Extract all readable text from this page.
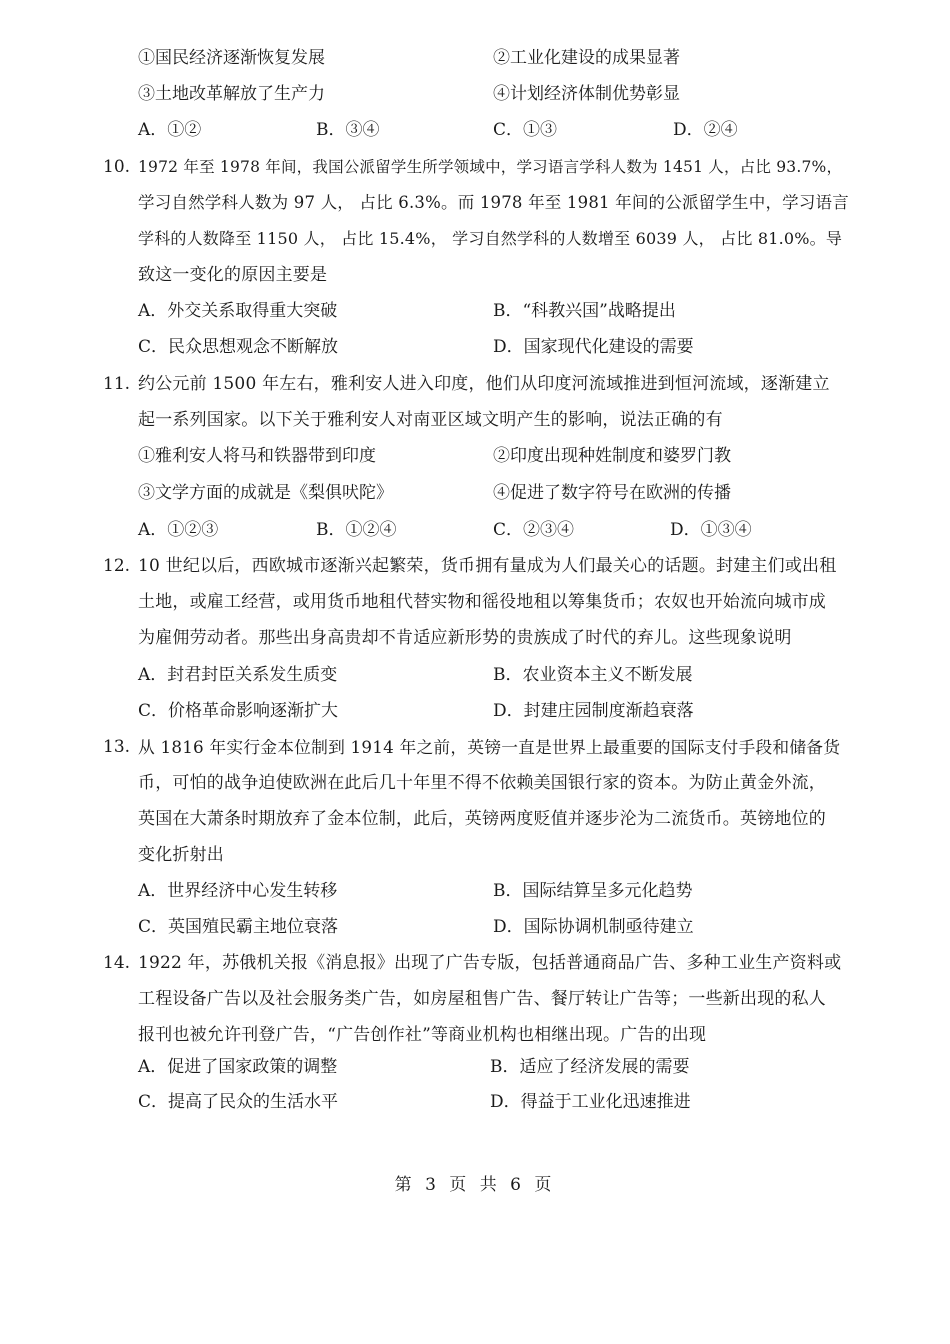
①国民经济逐渐恢复发展	②工业化建设的成果显著
③土地改革解放了生产力	④计划经济体制优势彰显
A．①②	B．③④	C．①③	D．②④
10. 1972 年至 1978 年间，我国公派留学生所学领域中，学习语言学科人数为 1451 人，占比 93.7%，
学习自然学科人数为 97 人， 占比 6.3%。而 1978 年至 1981 年间的公派留学生中，学习语言
学科的人数降至 1150 人， 占比 15.4%， 学习自然学科的人数增至 6039 人， 占比 81.0%。导
致这一变化的原因主要是
A．外交关系取得重大突破	B．“科教兴国”战略提出
C．民众思想观念不断解放	D．国家现代化建设的需要
11. 约公元前 1500 年左右，雅利安人进入印度，他们从印度河流域推进到恒河流域，逐渐建立
起一系列国家。以下关于雅利安人对南亚区域文明产生的影响，说法正确的有
①雅利安人将马和铁器带到印度	②印度出现种姓制度和婆罗门教
③文学方面的成就是《梨俱吠陀》	④促进了数字符号在欧洲的传播
A．①②③	B．①②④	C．②③④	D．①③④
12. 10 世纪以后，西欧城市逐渐兴起繁荣，货币拥有量成为人们最关心的话题。封建主们或出租
土地，或雇工经营，或用货币地租代替实物和徭役地租以筹集货币；农奴也开始流向城市成
为雇佣劳动者。那些出身高贵却不肯适应新形势的贵族成了时代的弃儿。这些现象说明
A．封君封臣关系发生质变	B．农业资本主义不断发展
C．价格革命影响逐渐扩大	D．封建庄园制度渐趋衰落
13. 从 1816 年实行金本位制到 1914 年之前，英镑一直是世界上最重要的国际支付手段和储备货
币，可怕的战争迫使欧洲在此后几十年里不得不依赖美国银行家的资本。为防止黄金外流，
英国在大萧条时期放弃了金本位制，此后，英镑两度贬值并逐步沦为二流货币。英镑地位的
变化折射出
A．世界经济中心发生转移	B．国际结算呈多元化趋势
C．英国殖民霸主地位衰落	D．国际协调机制亟待建立
14. 1922 年，苏俄机关报《消息报》出现了广告专版，包括普通商品广告、多种工业生产资料或
工程设备广告以及社会服务类广告，如房屋租售广告、餐厅转让广告等；一些新出现的私人
报刊也被允许刊登广告，“广告创作社”等商业机构也相继出现。广告的出现
A．促进了国家政策的调整	B．适应了经济发展的需要
C．提高了民众的生活水平	D．得益于工业化迅速推进
第 3 页 共 6 页
